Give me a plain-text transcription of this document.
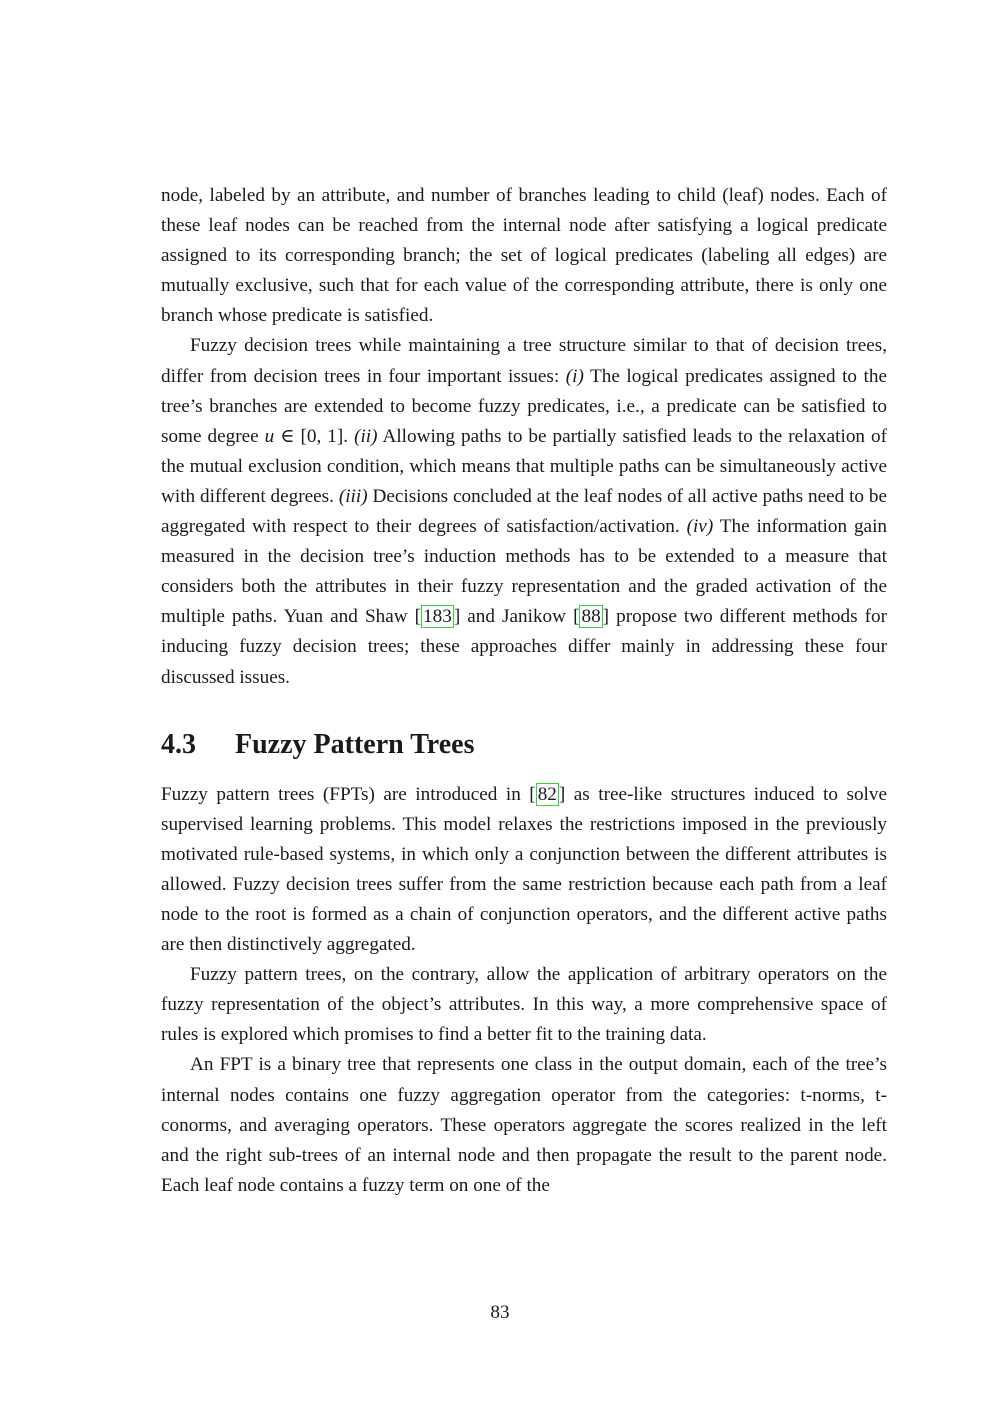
node, labeled by an attribute, and number of branches leading to child (leaf) nodes. Each of these leaf nodes can be reached from the internal node after satisfying a logical predicate assigned to its corresponding branch; the set of logical predicates (labeling all edges) are mutually exclusive, such that for each value of the corresponding attribute, there is only one branch whose predicate is satisfied.

Fuzzy decision trees while maintaining a tree structure similar to that of decision trees, differ from decision trees in four important issues: (i) The logical predicates assigned to the tree’s branches are extended to become fuzzy predicates, i.e., a predicate can be satisfied to some degree u ∈ [0, 1]. (ii) Allowing paths to be partially satisfied leads to the relaxation of the mutual exclusion condition, which means that multiple paths can be simultaneously active with different degrees. (iii) Decisions concluded at the leaf nodes of all active paths need to be aggregated with respect to their degrees of satisfaction/activation. (iv) The information gain measured in the decision tree’s induction methods has to be extended to a measure that considers both the attributes in their fuzzy representation and the graded activation of the multiple paths. Yuan and Shaw [ 183 ] and Janikow [ 88 ] propose two different methods for inducing fuzzy decision trees; these approaches differ mainly in addressing these four discussed issues.

4.3	Fuzzy Pattern Trees

Fuzzy pattern trees (FPTs) are introduced in [ 82 ] as tree-like structures induced to solve supervised learning problems. This model relaxes the restrictions imposed in the previously motivated rule-based systems, in which only a conjunction between the different attributes is allowed. Fuzzy decision trees suffer from the same restriction because each path from a leaf node to the root is formed as a chain of conjunction operators, and the different active paths are then distinctively aggregated.

Fuzzy pattern trees, on the contrary, allow the application of arbitrary operators on the fuzzy representation of the object’s attributes. In this way, a more comprehensive space of rules is explored which promises to find a better fit to the training data.

An FPT is a binary tree that represents one class in the output domain, each of the tree’s internal nodes contains one fuzzy aggregation operator from the categories: t-norms, t-conorms, and averaging operators. These operators aggregate the scores realized in the left and the right sub-trees of an internal node and then propagate the result to the parent node. Each leaf node contains a fuzzy term on one of the

83
